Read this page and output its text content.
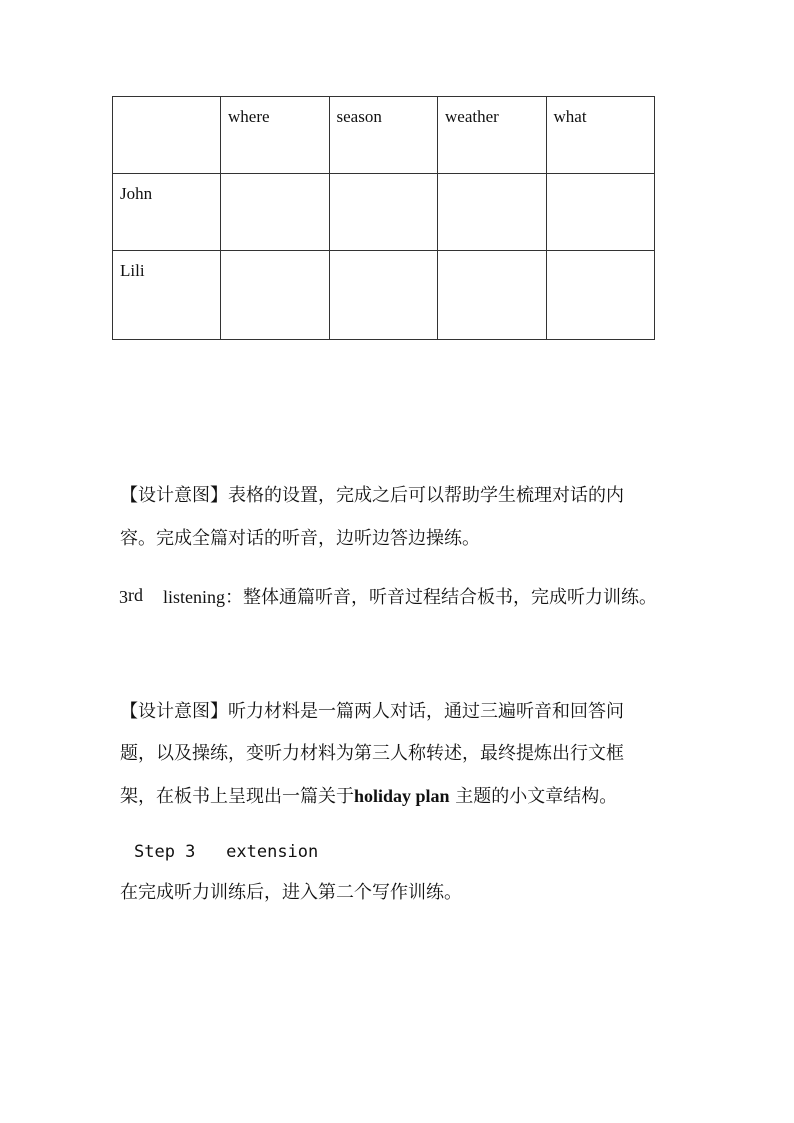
	where	season	weather	what
John				
Lili				
【设计意图】表格的设置，完成之后可以帮助学生梳理对话的内
容。完成全篇对话的听音，边听边答边操练。
3rd listening：整体通篇听音，听音过程结合板书，完成听力训练。
【设计意图】听力材料是一篇两人对话，通过三遍听音和回答问
题，以及操练，变听力材料为第三人称转述，最终提炼出行文框
架，在板书上呈现出一篇关于holiday plan 主题的小文章结构。
Step 3 extension
在完成听力训练后，进入第二个写作训练。
